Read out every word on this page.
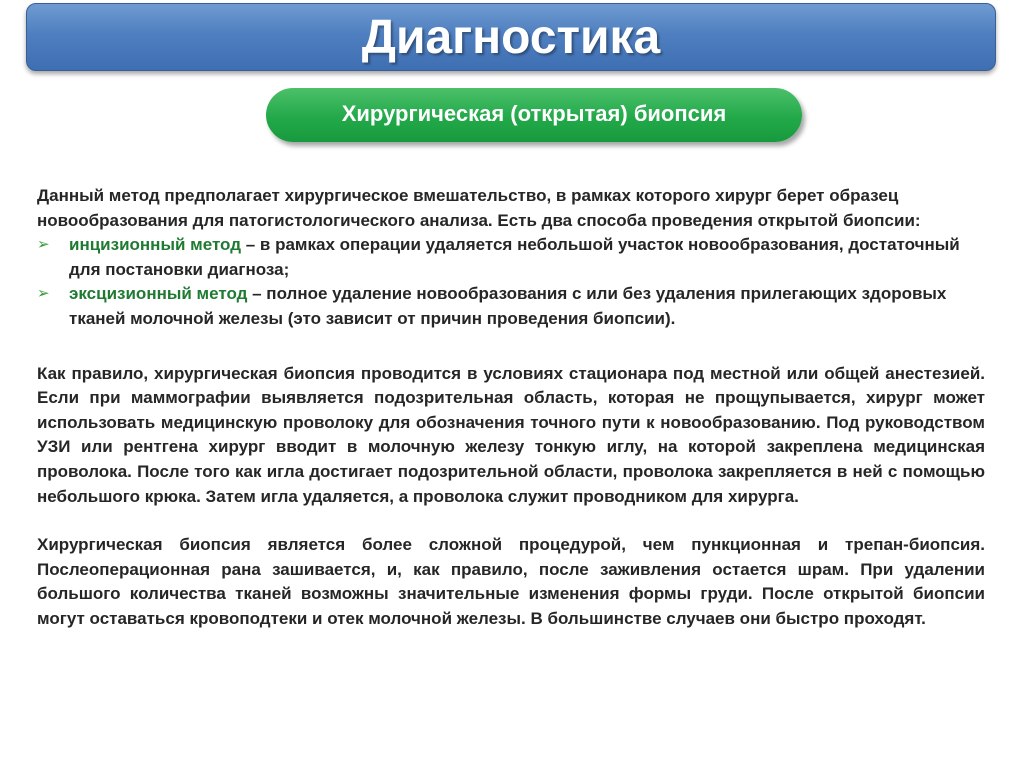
Диагностика
Хирургическая (открытая) биопсия

Данный метод предполагает хирургическое вмешательство, в рамках которого хирург берет образец новообразования для патогистологического анализа. Есть два способа проведения открытой биопсии:

➢ инцизионный метод – в рамках операции удаляется небольшой участок новообразования, достаточный для постановки диагноза;
➢ эксцизионный метод – полное удаление новообразования с или без удаления прилегающих здоровых тканей молочной железы (это зависит от причин проведения биопсии).

Как правило, хирургическая биопсия проводится в условиях стационара под местной или общей анестезией. Если при маммографии выявляется подозрительная область, которая не прощупывается, хирург может использовать медицинскую проволоку для обозначения точного пути к новообразованию. Под руководством УЗИ или рентгена хирург вводит в молочную железу тонкую иглу, на которой закреплена медицинская проволока. После того как игла достигает подозрительной области, проволока закрепляется в ней с помощью небольшого крюка. Затем игла удаляется, а проволока служит проводником для хирурга.

Хирургическая биопсия является более сложной процедурой, чем пункционная и трепан-биопсия. Послеоперационная рана зашивается, и, как правило, после заживления остается шрам. При удалении большого количества тканей возможны значительные изменения формы груди. После открытой биопсии могут оставаться кровоподтеки и отек молочной железы. В большинстве случаев они быстро проходят.
